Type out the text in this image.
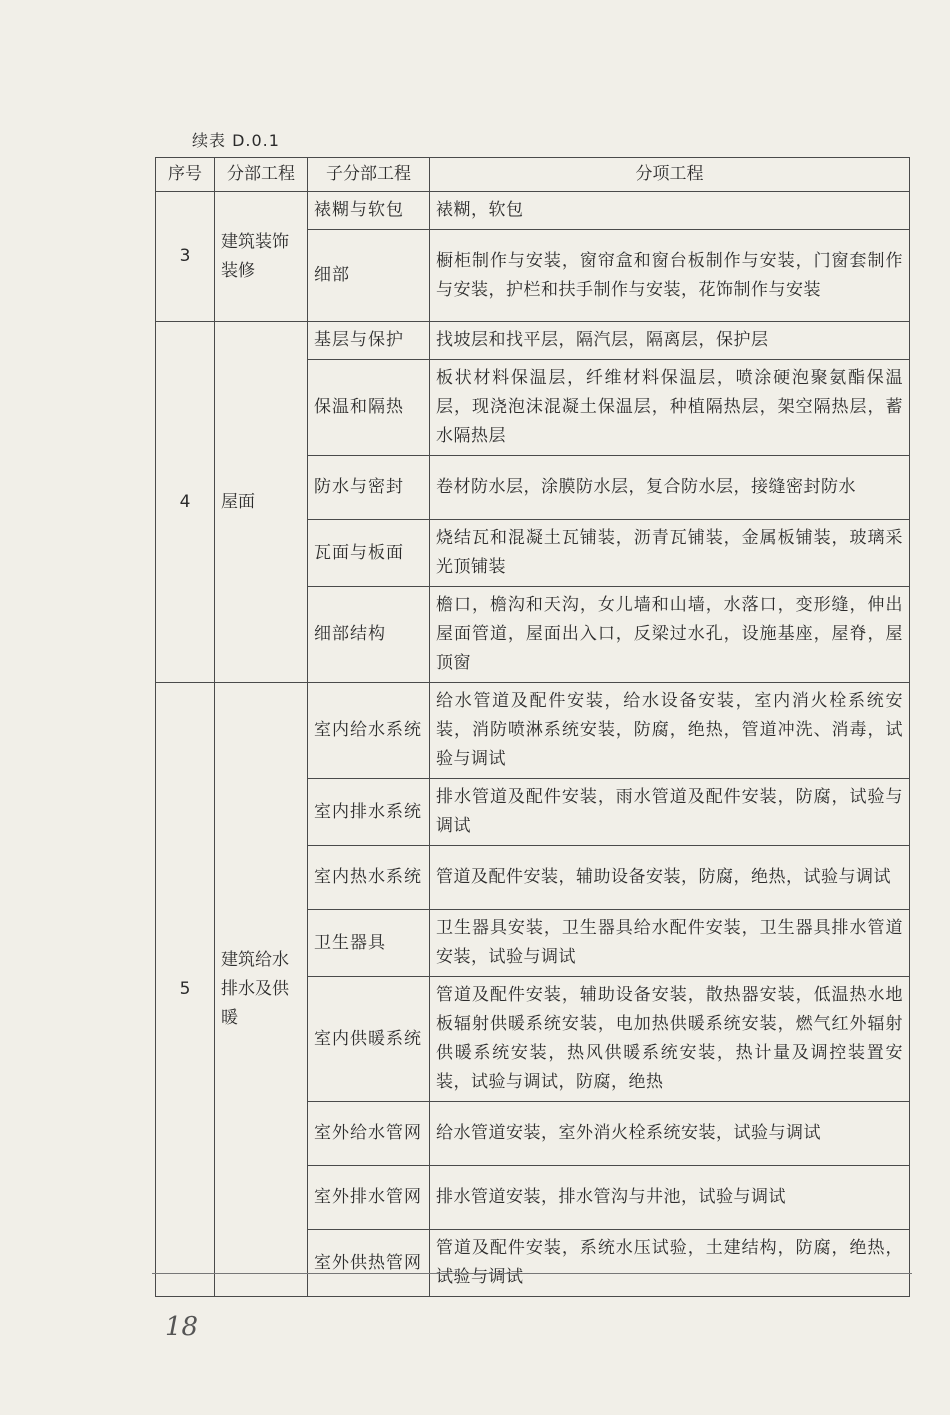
续表 D.0.1
序号	分部工程	子分部工程	分项工程
3	建筑装饰装修	裱糊与软包	裱糊，软包
		细部	橱柜制作与安装，窗帘盒和窗台板制作与安装，门窗套制作与安装，护栏和扶手制作与安装，花饰制作与安装
4	屋面	基层与保护	找坡层和找平层，隔汽层，隔离层，保护层
		保温和隔热	板状材料保温层，纤维材料保温层，喷涂硬泡聚氨酯保温层，现浇泡沫混凝土保温层，种植隔热层，架空隔热层，蓄水隔热层
		防水与密封	卷材防水层，涂膜防水层，复合防水层，接缝密封防水
		瓦面与板面	烧结瓦和混凝土瓦铺装，沥青瓦铺装，金属板铺装，玻璃采光顶铺装
		细部结构	檐口，檐沟和天沟，女儿墙和山墙，水落口，变形缝，伸出屋面管道，屋面出入口，反梁过水孔，设施基座，屋脊，屋顶窗
5	建筑给水排水及供暖	室内给水系统	给水管道及配件安装，给水设备安装，室内消火栓系统安装，消防喷淋系统安装，防腐，绝热，管道冲洗、消毒，试验与调试
		室内排水系统	排水管道及配件安装，雨水管道及配件安装，防腐，试验与调试
		室内热水系统	管道及配件安装，辅助设备安装，防腐，绝热，试验与调试
		卫生器具	卫生器具安装，卫生器具给水配件安装，卫生器具排水管道安装，试验与调试
		室内供暖系统	管道及配件安装，辅助设备安装，散热器安装，低温热水地板辐射供暖系统安装，电加热供暖系统安装，燃气红外辐射供暖系统安装，热风供暖系统安装，热计量及调控装置安装，试验与调试，防腐，绝热
		室外给水管网	给水管道安装，室外消火栓系统安装，试验与调试
		室外排水管网	排水管道安装，排水管沟与井池，试验与调试
		室外供热管网	管道及配件安装，系统水压试验，土建结构，防腐，绝热，试验与调试
18
